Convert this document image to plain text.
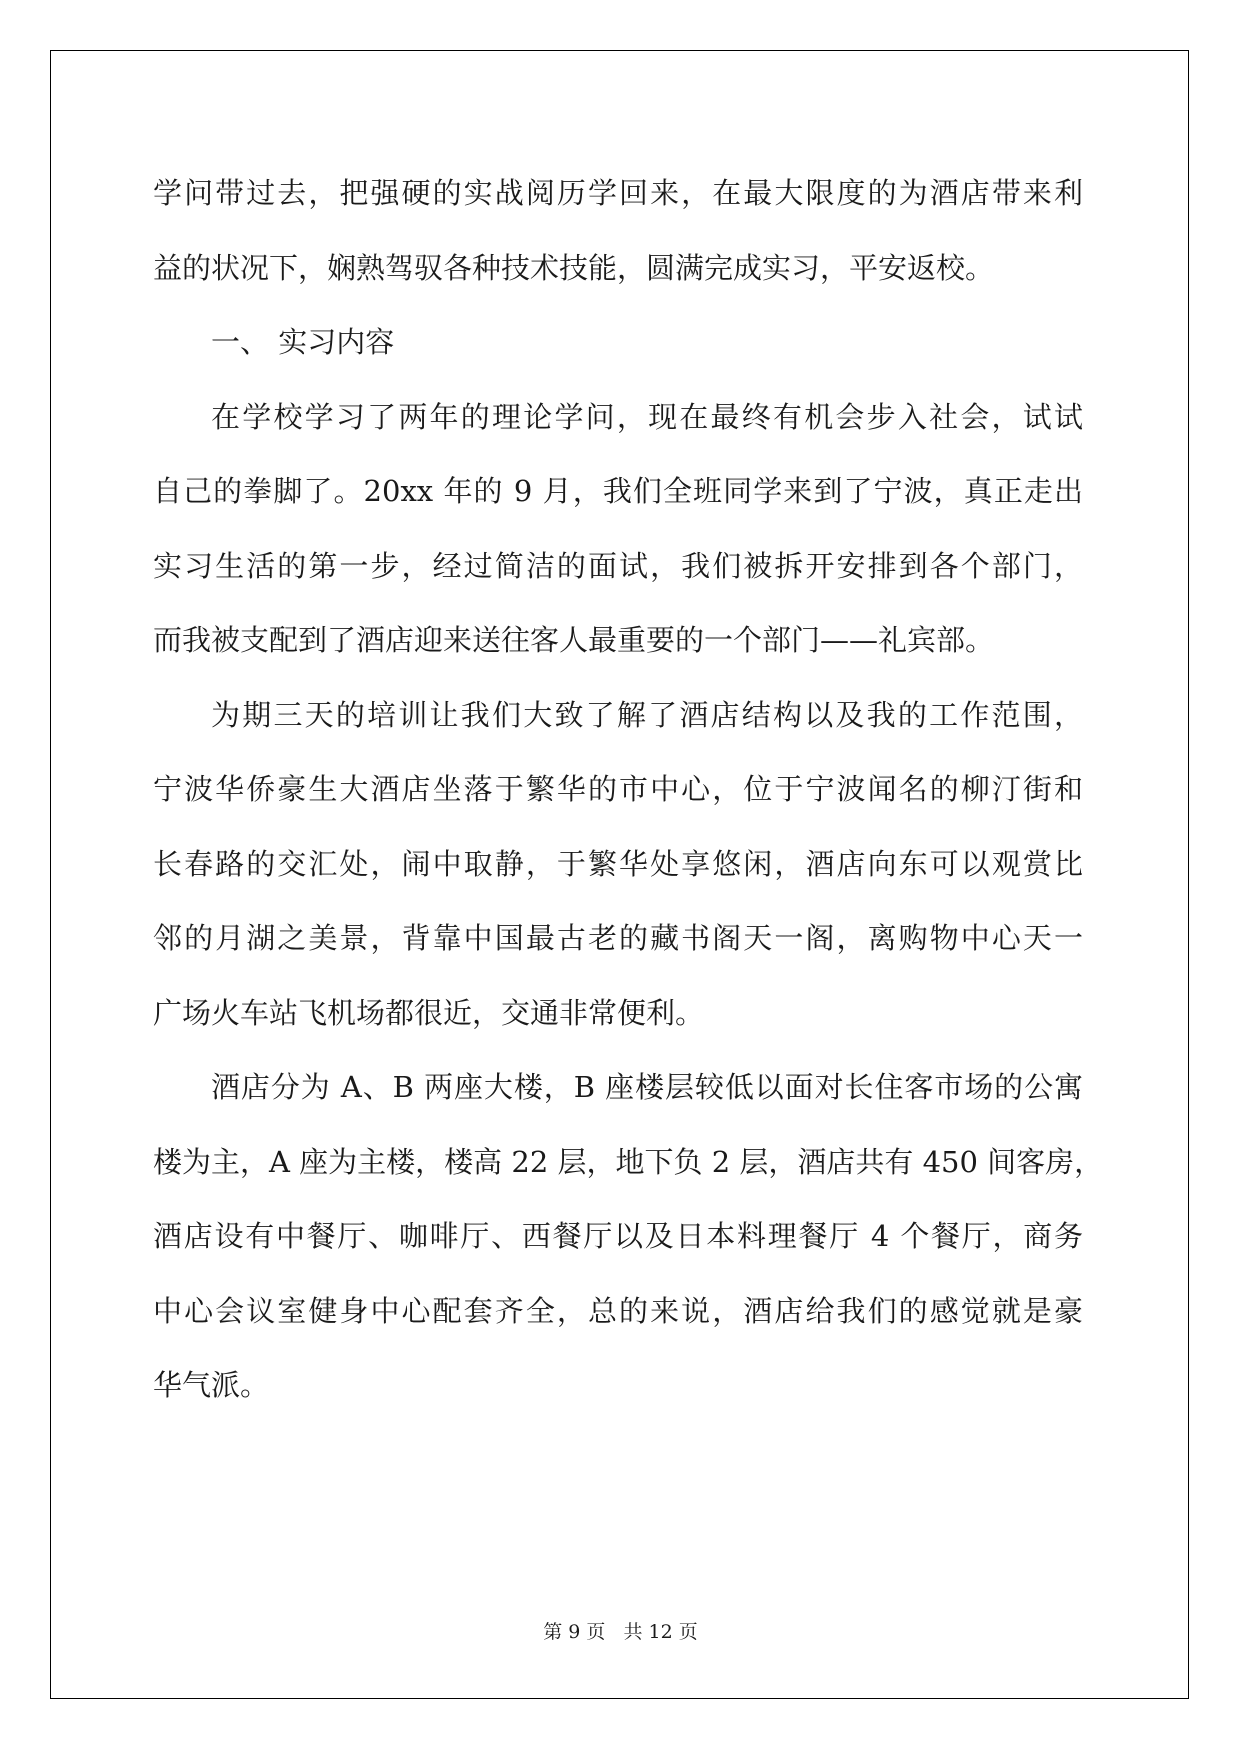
学问带过去，把强硬的实战阅历学回来，在最大限度的为酒店带来利
益的状况下，娴熟驾驭各种技术技能，圆满完成实习，平安返校。
一、 实习内容
在学校学习了两年的理论学问，现在最终有机会步入社会，试试
自己的拳脚了。20xx 年的 9 月，我们全班同学来到了宁波，真正走出
实习生活的第一步，经过简洁的面试，我们被拆开安排到各个部门，
而我被支配到了酒店迎来送往客人最重要的一个部门——礼宾部。
为期三天的培训让我们大致了解了酒店结构以及我的工作范围，
宁波华侨豪生大酒店坐落于繁华的市中心，位于宁波闻名的柳汀街和
长春路的交汇处，闹中取静，于繁华处享悠闲，酒店向东可以观赏比
邻的月湖之美景，背靠中国最古老的藏书阁天一阁，离购物中心天一
广场火车站飞机场都很近，交通非常便利。
酒店分为 A、B 两座大楼，B 座楼层较低以面对长住客市场的公寓
楼为主，A 座为主楼，楼高 22 层，地下负 2 层，酒店共有 450 间客房，
酒店设有中餐厅、咖啡厅、西餐厅以及日本料理餐厅 4 个餐厅，商务
中心会议室健身中心配套齐全，总的来说，酒店给我们的感觉就是豪
华气派。
第 9 页 共 12 页
